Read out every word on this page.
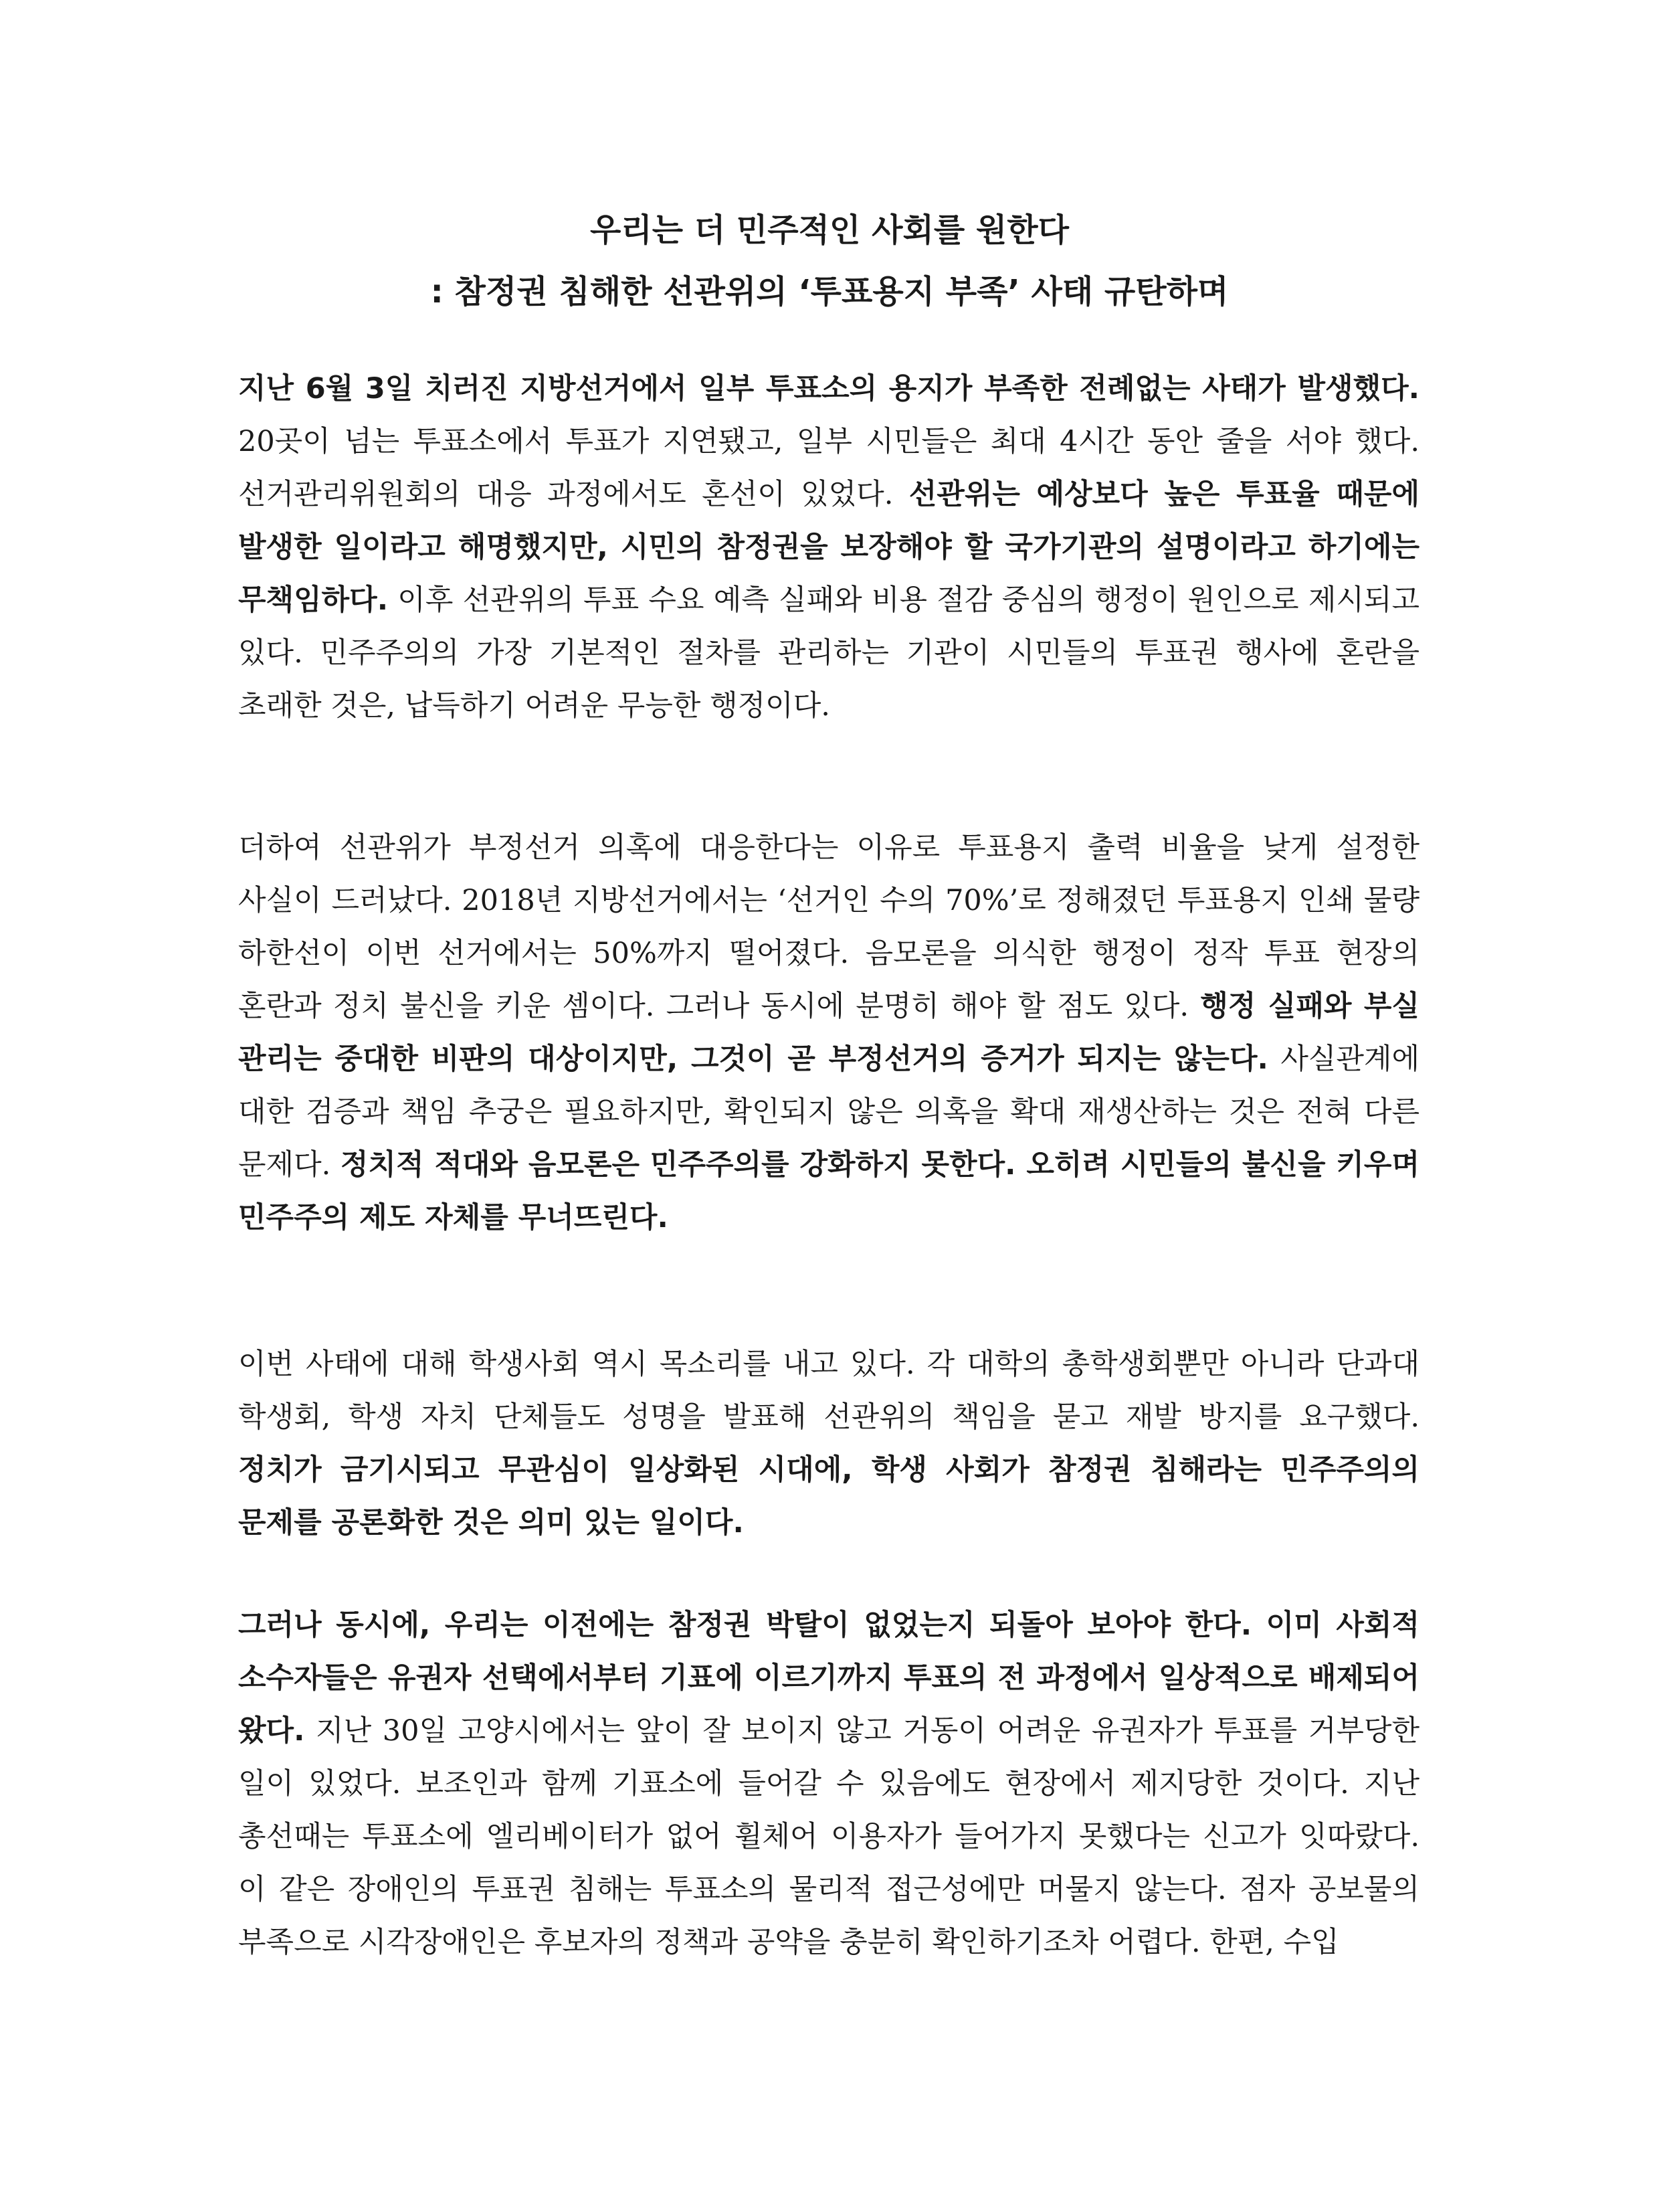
우리는 더 민주적인 사회를 원한다
: 참정권 침해한 선관위의 ‘투표용지 부족’ 사태 규탄하며

지난 6월 3일 치러진 지방선거에서 일부 투표소의 용지가 부족한 전례없는 사태가 발생했다. 20곳이 넘는 투표소에서 투표가 지연됐고, 일부 시민들은 최대 4시간 동안 줄을 서야 했다. 선거관리위원회의 대응 과정에서도 혼선이 있었다. 선관위는 예상보다 높은 투표율 때문에 발생한 일이라고 해명했지만, 시민의 참정권을 보장해야 할 국가기관의 설명이라고 하기에는 무책임하다. 이후 선관위의 투표 수요 예측 실패와 비용 절감 중심의 행정이 원인으로 제시되고 있다. 민주주의의 가장 기본적인 절차를 관리하는 기관이 시민들의 투표권 행사에 혼란을 초래한 것은, 납득하기 어려운 무능한 행정이다.

더하여 선관위가 부정선거 의혹에 대응한다는 이유로 투표용지 출력 비율을 낮게 설정한 사실이 드러났다. 2018년 지방선거에서는 ‘선거인 수의 70%’로 정해졌던 투표용지 인쇄 물량 하한선이 이번 선거에서는 50%까지 떨어졌다. 음모론을 의식한 행정이 정작 투표 현장의 혼란과 정치 불신을 키운 셈이다. 그러나 동시에 분명히 해야 할 점도 있다. 행정 실패와 부실 관리는 중대한 비판의 대상이지만, 그것이 곧 부정선거의 증거가 되지는 않는다. 사실관계에 대한 검증과 책임 추궁은 필요하지만, 확인되지 않은 의혹을 확대 재생산하는 것은 전혀 다른 문제다. 정치적 적대와 음모론은 민주주의를 강화하지 못한다. 오히려 시민들의 불신을 키우며 민주주의 제도 자체를 무너뜨린다.

이번 사태에 대해 학생사회 역시 목소리를 내고 있다. 각 대학의 총학생회뿐만 아니라 단과대 학생회, 학생 자치 단체들도 성명을 발표해 선관위의 책임을 묻고 재발 방지를 요구했다. 정치가 금기시되고 무관심이 일상화된 시대에, 학생 사회가 참정권 침해라는 민주주의의 문제를 공론화한 것은 의미 있는 일이다.

그러나 동시에, 우리는 이전에는 참정권 박탈이 없었는지 되돌아 보아야 한다. 이미 사회적 소수자들은 유권자 선택에서부터 기표에 이르기까지 투표의 전 과정에서 일상적으로 배제되어 왔다. 지난 30일 고양시에서는 앞이 잘 보이지 않고 거동이 어려운 유권자가 투표를 거부당한 일이 있었다. 보조인과 함께 기표소에 들어갈 수 있음에도 현장에서 제지당한 것이다. 지난 총선때는 투표소에 엘리베이터가 없어 휠체어 이용자가 들어가지 못했다는 신고가 잇따랐다. 이 같은 장애인의 투표권 침해는 투표소의 물리적 접근성에만 머물지 않는다. 점자 공보물의 부족으로 시각장애인은 후보자의 정책과 공약을 충분히 확인하기조차 어렵다. 한편, 수입
